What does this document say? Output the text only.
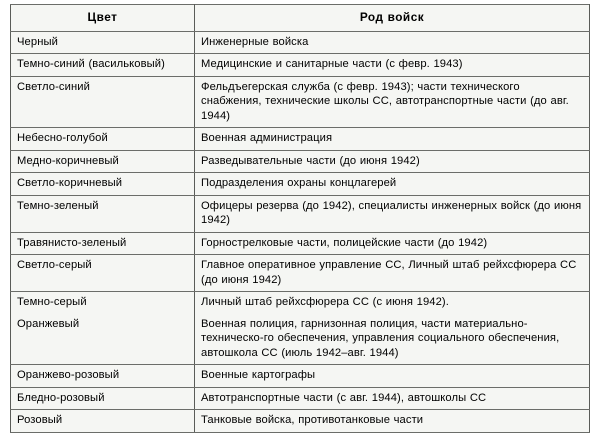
Цвет	Род войск

Черный	Инженерные войска

Темно-синий (васильковый)	Медицинские и санитарные части (с февр. 1943)

Светло-синий	Фельдъегерская служба (с февр. 1943); части технического снабжения, технические школы СС, автотранспортные части (до авг. 1944)

Небесно-голубой	Военная администрация

Медно-коричневый	Разведывательные части (до июня 1942)

Светло-коричневый	Подразделения охраны концлагерей

Темно-зеленый	Офицеры резерва (до 1942), специалисты инженерных войск (до июня 1942)

Травянисто-зеленый	Горнострелковые части, полицейские части (до 1942)

Светло-серый	Главное оперативное управление СС, Личный штаб рейхсфюрера СС (до июня 1942)

Темно-серый	Личный штаб рейхсфюрера СС (с июня 1942).

Оранжевый	Военная полиция, гарнизонная полиция, части материально-техническо-го обеспечения, управления социального обеспечения, автошкола СС (июль 1942–авг. 1944)

Оранжево-розовый	Военные картографы

Бледно-розовый	Автотранспортные части (с авг. 1944), автошколы СС

Розовый	Танковые войска, противотанковые части
